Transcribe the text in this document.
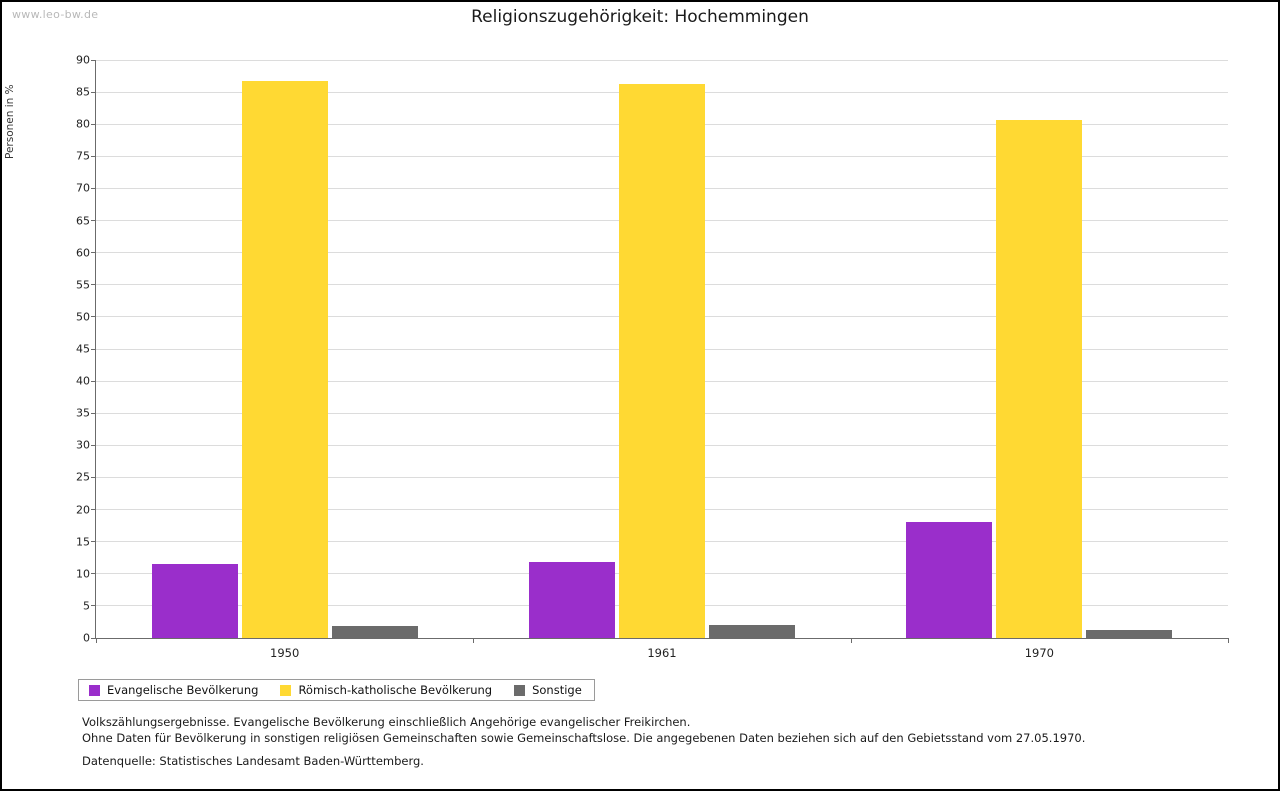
www.leo-bw.de	Religionszugehörigkeit: Hochemmingen
Personen in %
0
5
10
15
20
25
30
35
40
45
50
55
60
65
70
75
80
85
90
1950	1961	1970
Evangelische Bevölkerung	Römisch-katholische Bevölkerung	Sonstige
Volkszählungsergebnisse. Evangelische Bevölkerung einschließlich Angehörige evangelischer Freikirchen.
Ohne Daten für Bevölkerung in sonstigen religiösen Gemeinschaften sowie Gemeinschaftslose. Die angegebenen Daten beziehen sich auf den Gebietsstand vom 27.05.1970.
Datenquelle: Statistisches Landesamt Baden-Württemberg.
